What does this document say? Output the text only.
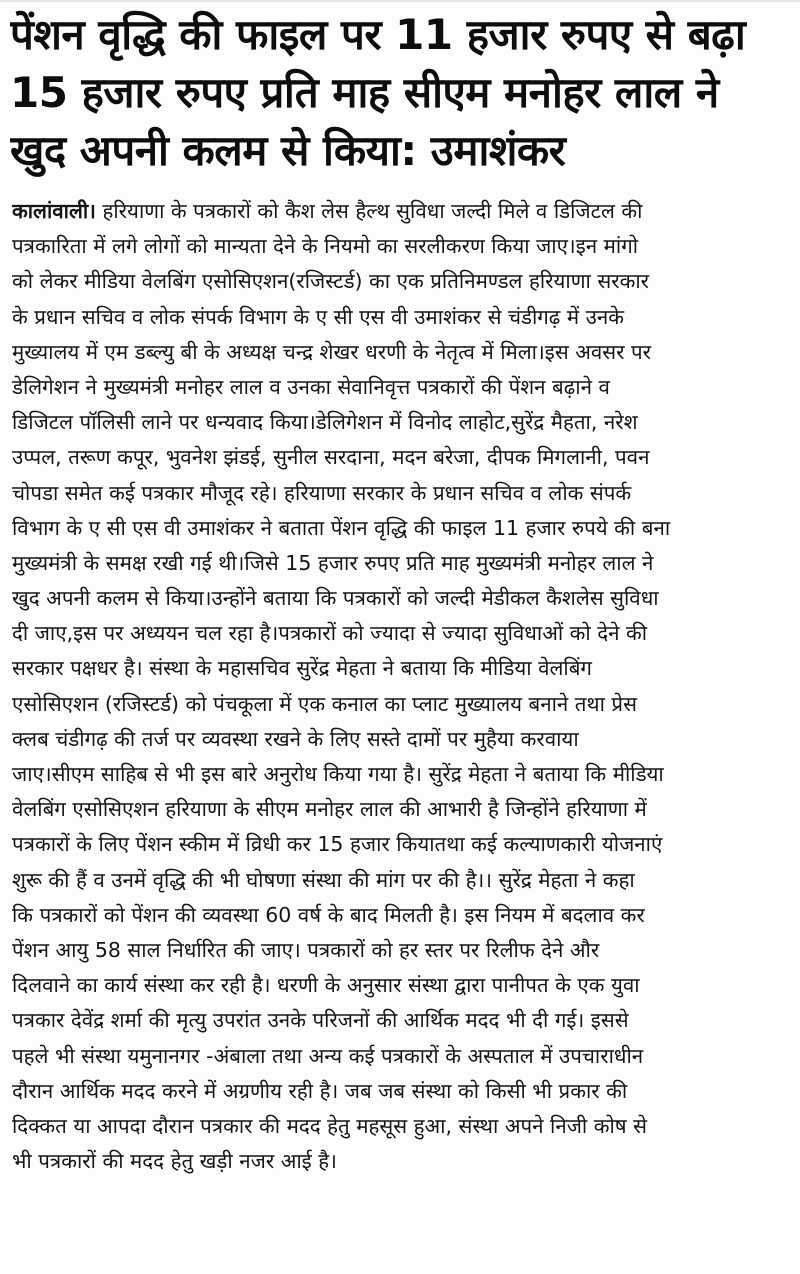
पेंशन वृद्धि की फाइल पर 11 हजार रुपए से बढ़ा
15 हजार रुपए प्रति माह सीएम मनोहर लाल ने
खुद अपनी कलम से किया: उमाशंकर
कालांवाली। हरियाणा के पत्रकारों को कैश लेस हैल्थ सुविधा जल्दी मिले व डिजिटल की
पत्रकारिता में लगे लोगों को मान्यता देने के नियमो का सरलीकरण किया जाए।इन मांगो
को लेकर मीडिया वेलबिंग एसोसिएशन(रजिस्टर्ड) का एक प्रतिनिमण्डल हरियाणा सरकार
के प्रधान सचिव व लोक संपर्क विभाग के ए सी एस वी उमाशंकर से चंडीगढ़ में उनके
मुख्यालय में एम डब्ल्यु बी के अध्यक्ष चन्द्र शेखर धरणी के नेतृत्व में मिला।इस अवसर पर
डेलिगेशन ने मुख्यमंत्री मनोहर लाल व उनका सेवानिवृत्त पत्रकारों की पेंशन बढ़ाने व
डिजिटल पॉलिसी लाने पर धन्यवाद किया।डेलिगेशन में विनोद लाहोट,सुरेंद्र मैहता, नरेश
उप्पल, तरूण कपूर, भुवनेश झंडई, सुनील सरदाना, मदन बरेजा, दीपक मिगलानी, पवन
चोपडा समेत कई पत्रकार मौजूद रहे। हरियाणा सरकार के प्रधान सचिव व लोक संपर्क
विभाग के ए सी एस वी उमाशंकर ने बताता पेंशन वृद्धि की फाइल 11 हजार रुपये की बना
मुख्यमंत्री के समक्ष रखी गई थी।जिसे 15 हजार रुपए प्रति माह मुख्यमंत्री मनोहर लाल ने
खुद अपनी कलम से किया।उन्होंने बताया कि पत्रकारों को जल्दी मेडीकल कैशलेस सुविधा
दी जाए,इस पर अध्ययन चल रहा है।पत्रकारों को ज्यादा से ज्यादा सुविधाओं को देने की
सरकार पक्षधर है। संस्था के महासचिव सुरेंद्र मेहता ने बताया कि मीडिया वेलबिंग
एसोसिएशन (रजिस्टर्ड) को पंचकूला में एक कनाल का प्लाट मुख्यालय बनाने तथा प्रेस
क्लब चंडीगढ़ की तर्ज पर व्यवस्था रखने के लिए सस्ते दामों पर मुहैया करवाया
जाए।सीएम साहिब से भी इस बारे अनुरोध किया गया है। सुरेंद्र मेहता ने बताया कि मीडिया
वेलबिंग एसोसिएशन हरियाणा के सीएम मनोहर लाल की आभारी है जिन्होंने हरियाणा में
पत्रकारों के लिए पेंशन स्कीम में व्रिधी कर 15 हजार कियातथा कई कल्याणकारी योजनाएं
शुरू की हैं व उनमें वृद्धि की भी घोषणा संस्था की मांग पर की है।। सुरेंद्र मेहता ने कहा
कि पत्रकारों को पेंशन की व्यवस्था 60 वर्ष के बाद मिलती है। इस नियम में बदलाव कर
पेंशन आयु 58 साल निर्धारित की जाए। पत्रकारों को हर स्तर पर रिलीफ देने और
दिलवाने का कार्य संस्था कर रही है। धरणी के अनुसार संस्था द्वारा पानीपत के एक युवा
पत्रकार देवेंद्र शर्मा की मृत्यु उपरांत उनके परिजनों की आर्थिक मदद भी दी गई। इससे
पहले भी संस्था यमुनानगर -अंबाला तथा अन्य कई पत्रकारों के अस्पताल में उपचाराधीन
दौरान आर्थिक मदद करने में अग्रणीय रही है। जब जब संस्था को किसी भी प्रकार की
दिक्कत या आपदा दौरान पत्रकार की मदद हेतु महसूस हुआ, संस्था अपने निजी कोष से
भी पत्रकारों की मदद हेतु खड़ी नजर आई है।
